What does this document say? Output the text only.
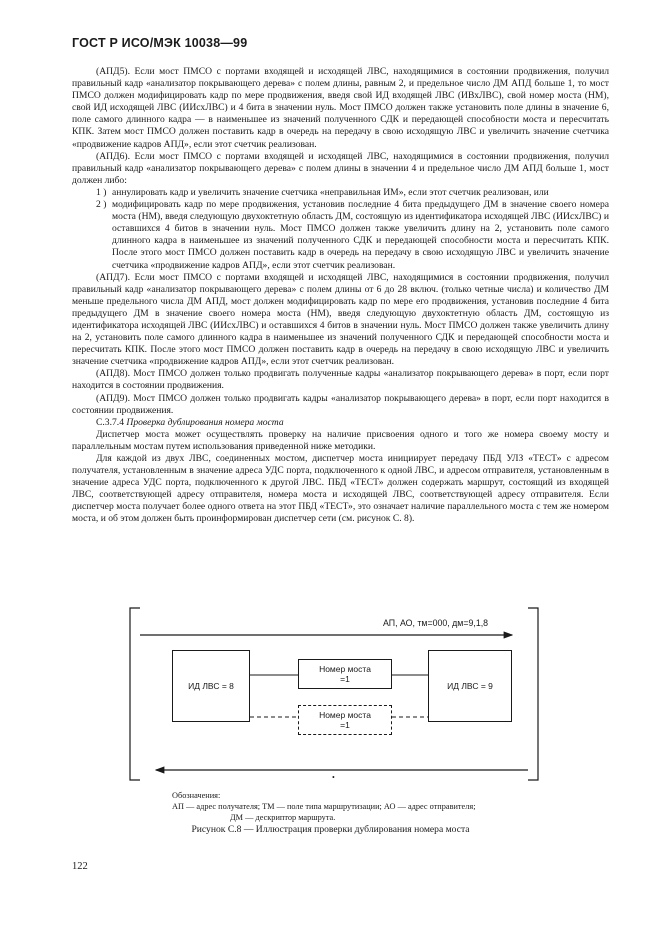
ГОСТ Р ИСО/МЭК 10038—99

(АПД5). Если мост ПМСО с портами входящей и исходящей ЛВС, находящимися в состоянии продвижения, получил правильный кадр «анализатор покрывающего дерева» с полем длины, равным 2, и предельное число ДМ АПД больше 1, то мост ПМСО должен модифицировать кадр по мере продвижения, введя свой ИД входящей ЛВС (ИВхЛВС), свой номер моста (НМ), свой ИД исходящей ЛВС (ИИсхЛВС) и 4 бита в значении нуль. Мост ПМСО должен также установить поле длины в значение 6, поле самого длинного кадра — в наименьшее из значений полученного СДК и передающей способности моста и пересчитать КПК. Затем мост ПМСО должен поставить кадр в очередь на передачу в свою исходящую ЛВС и увеличить значение счетчика «продвижение кадров АПД», если этот счетчик реализован.

(АПД6). Если мост ПМСО с портами входящей и исходящей ЛВС, находящимися в состоянии продвижения, получил правильный кадр «анализатор покрывающего дерева» с полем длины в значении 4 и предельное число ДМ АПД больше 1, мост должен либо:

1 ) аннулировать кадр и увеличить значение счетчика «неправильная ИМ», если этот счетчик реализован, или
2 ) модифицировать кадр по мере продвижения, установив последние 4 бита предыдущего ДМ в значение своего номера моста (НМ), введя следующую двухоктетную область ДМ, состоящую из идентификатора исходящей ЛВС (ИИсхЛВС) и оставшихся 4 битов в значении нуль. Мост ПМСО должен также увеличить длину на 2, установить поле самого длинного кадра в наименьшее из значений полученного СДК и передающей способности моста и пересчитать КПК. После этого мост ПМСО должен поставить кадр в очередь на передачу в свою исходящую ЛВС и увеличить значение счетчика «продвижение кадров АПД», если этот счетчик реализован.

(АПД7). Если мост ПМСО с портами входящей и исходящей ЛВС, находящимися в состоянии продвижения, получил правильный кадр «анализатор покрывающего дерева» с полем длины от 6 до 28 включ. (только четные числа) и количество ДМ меньше предельного числа ДМ АПД, мост должен модифицировать кадр по мере его продвижения, установив последние 4 бита предыдущего ДМ в значение своего номера моста (НМ), введя следующую двухоктетную область ДМ, состоящую из идентификатора исходящей ЛВС (ИИсхЛВС) и оставшихся 4 битов в значении нуль. Мост ПМСО должен также увеличить длину на 2, установить поле самого длинного кадра в наименьшее из значений полученного СДК и передающей способности моста и пересчитать КПК. После этого мост ПМСО должен поставить кадр в очередь на передачу в свою исходящую ЛВС и увеличить значение счетчика «продвижение кадров АПД», если этот счетчик реализован.

(АПД8). Мост ПМСО должен только продвигать полученные кадры «анализатор покрывающего дерева» в порт, если порт находится в состоянии продвижения.

(АПД9). Мост ПМСО должен только продвигать кадры «анализатор покрывающего дерева» в порт, если порт находится в состоянии продвижения.

С.3.7.4 Проверка дублирования номера моста

Диспетчер моста может осуществлять проверку на наличие присвоения одного и того же номера своему мосту и параллельным мостам путем использования приведенной ниже методики.

Для каждой из двух ЛВС, соединенных мостом, диспетчер моста инициирует передачу ПБД УЛЗ «ТЕСТ» с адресом получателя, установленным в значение адреса УДС порта, подключенного к одной ЛВС, и адресом отправителя, установленным в значение адреса УДС порта, подключенного к другой ЛВС. ПБД «ТЕСТ» должен содержать маршрут, состоящий из входящей ЛВС, соответствующей адресу отправителя, номера моста и исходящей ЛВС, соответствующей адресу отправителя. Если диспетчер моста получает более одного ответа на этот ПБД «ТЕСТ», это означает наличие параллельного моста с тем же номером моста, и об этом должен быть проинформирован диспетчер сети (см. рисунок С. 8).

АП, АО, тм=000, дм=9,1,8
ИД ЛВС = 8	ИД ЛВС = 9
Номер моста
=1
Номер моста
=1
•
Обозначения:
АП — адрес получателя; ТМ — поле типа маршрутизации; АО — адрес отправителя;
ДМ — дескриптор маршрута.
Рисунок С.8 — Иллюстрация проверки дублирования номера моста
122
